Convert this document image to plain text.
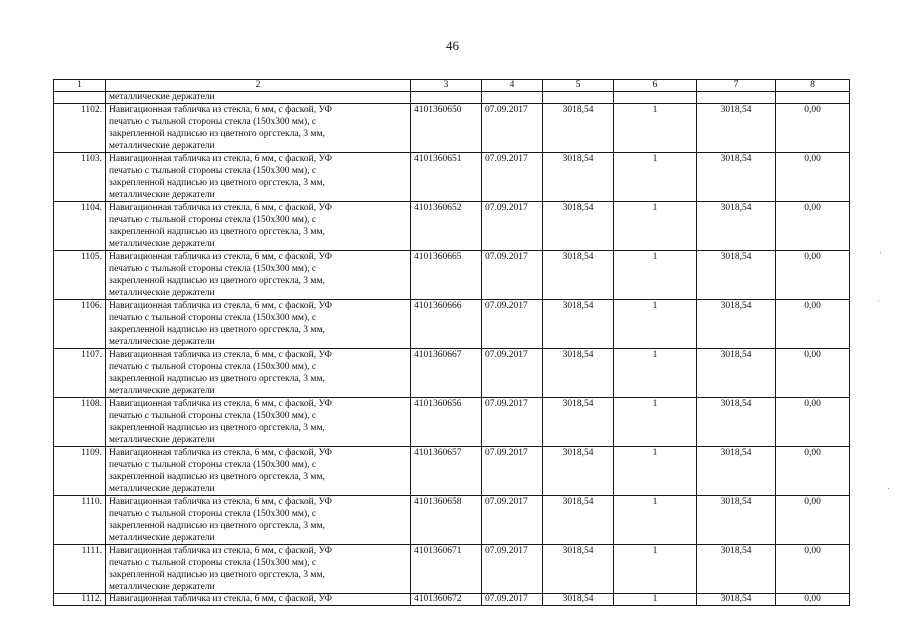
46
1	2	3	4	5	6	7	8
	металлические держатели						
1102.	Навигационная табличка из стекла, 6 мм, с фаской, УФ
печатью с тыльной стороны стекла (150х300 мм), с
закрепленной надписью из цветного оргстекла, 3 мм,
металлические держатели	4101360650	07.09.2017	3018,54	1	3018,54	0,00
1103.	Навигационная табличка из стекла, 6 мм, с фаской, УФ
печатью с тыльной стороны стекла (150х300 мм), с
закрепленной надписью из цветного оргстекла, 3 мм,
металлические держатели	4101360651	07.09.2017	3018,54	1	3018,54	0,00
1104.	Навигационная табличка из стекла, 6 мм, с фаской, УФ
печатью с тыльной стороны стекла (150х300 мм), с
закрепленной надписью из цветного оргстекла, 3 мм,
металлические держатели	4101360652	07.09.2017	3018,54	1	3018,54	0,00
1105.	Навигационная табличка из стекла, 6 мм, с фаской, УФ
печатью с тыльной стороны стекла (150х300 мм), с
закрепленной надписью из цветного оргстекла, 3 мм,
металлические держатели	4101360665	07.09.2017	3018,54	1	3018,54	0,00
1106.	Навигационная табличка из стекла, 6 мм, с фаской, УФ
печатью с тыльной стороны стекла (150х300 мм), с
закрепленной надписью из цветного оргстекла, 3 мм,
металлические держатели	4101360666	07.09.2017	3018,54	1	3018,54	0,00
1107.	Навигационная табличка из стекла, 6 мм, с фаской, УФ
печатью с тыльной стороны стекла (150х300 мм), с
закрепленной надписью из цветного оргстекла, 3 мм,
металлические держатели	4101360667	07.09.2017	3018,54	1	3018,54	0,00
1108.	Навигационная табличка из стекла, 6 мм, с фаской, УФ
печатью с тыльной стороны стекла (150х300 мм), с
закрепленной надписью из цветного оргстекла, 3 мм,
металлические держатели	4101360656	07.09.2017	3018,54	1	3018,54	0,00
1109.	Навигационная табличка из стекла, 6 мм, с фаской, УФ
печатью с тыльной стороны стекла (150х300 мм), с
закрепленной надписью из цветного оргстекла, 3 мм,
металлические держатели	4101360657	07.09.2017	3018,54	1	3018,54	0,00
1110.	Навигационная табличка из стекла, 6 мм, с фаской, УФ
печатью с тыльной стороны стекла (150х300 мм), с
закрепленной надписью из цветного оргстекла, 3 мм,
металлические держатели	4101360658	07.09.2017	3018,54	1	3018,54	0,00
1111.	Навигационная табличка из стекла, 6 мм, с фаской, УФ
печатью с тыльной стороны стекла (150х300 мм), с
закрепленной надписью из цветного оргстекла, 3 мм,
металлические держатели	4101360671	07.09.2017	3018,54	1	3018,54	0,00
1112.	Навигационная табличка из стекла, 6 мм, с фаской, УФ	4101360672	07.09.2017	3018,54	1	3018,54	0,00
